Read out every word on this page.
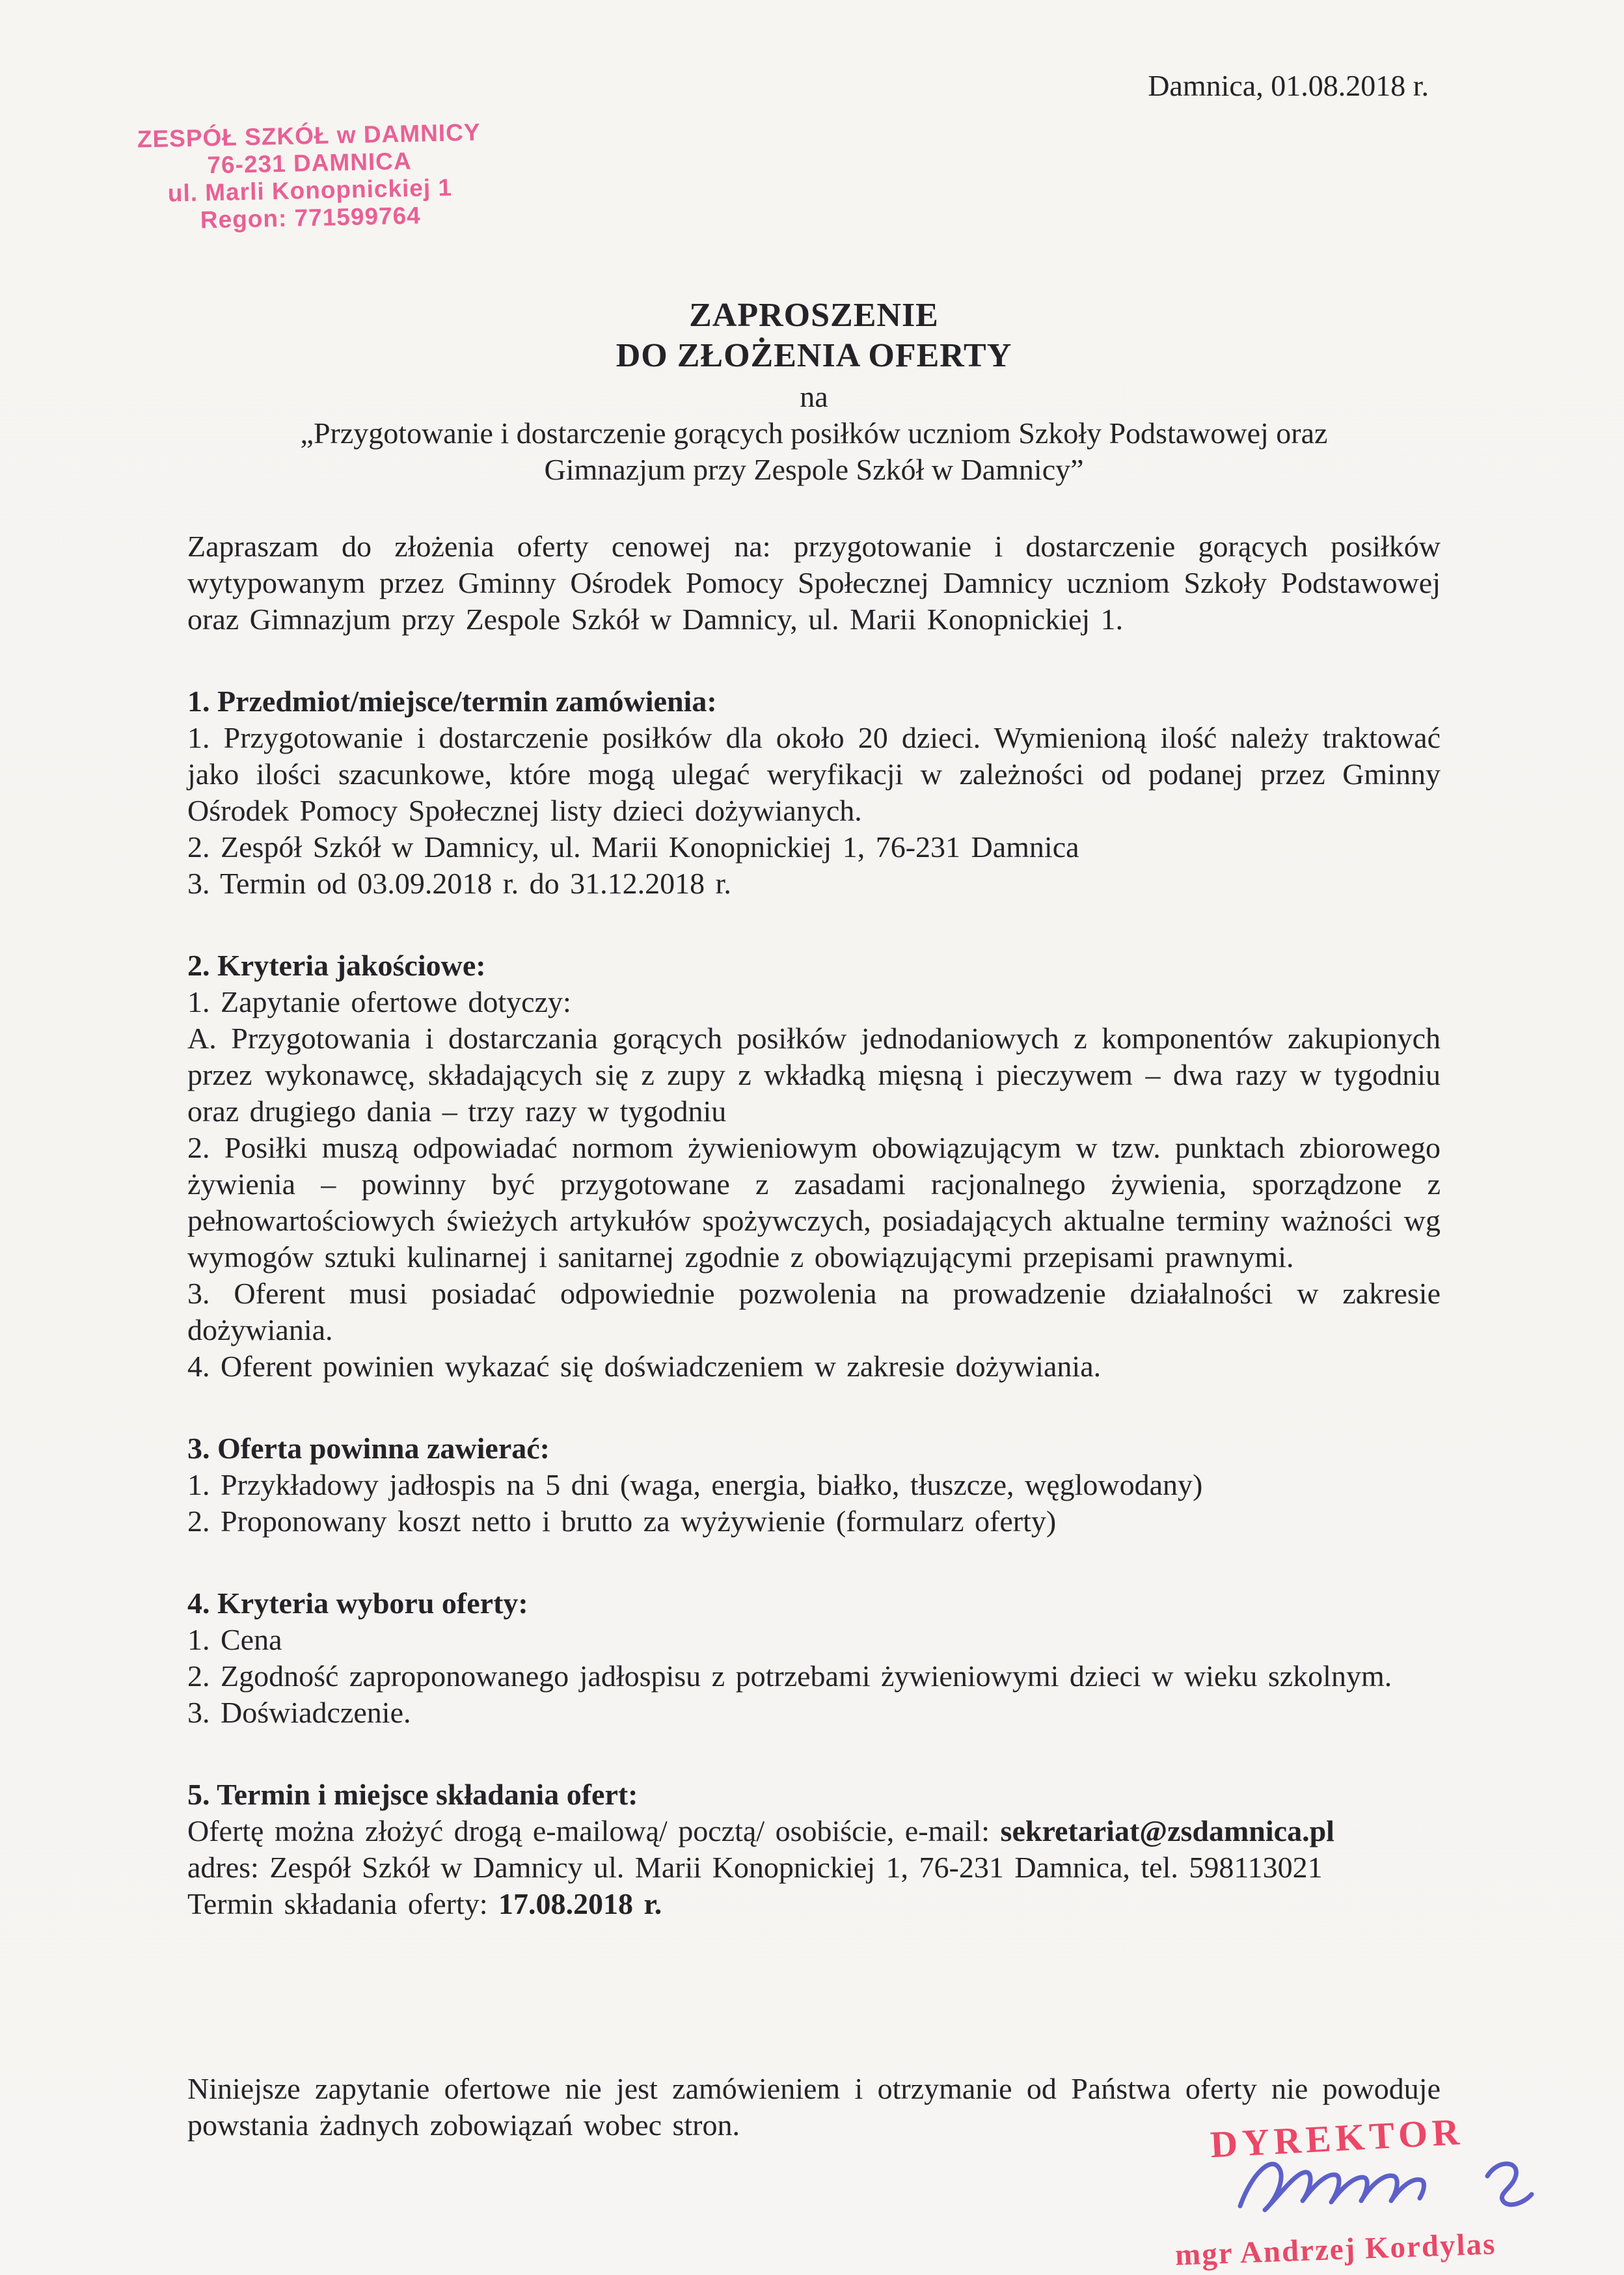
ZESPÓŁ SZKÓŁ w DAMNICY
76-231 DAMNICA
ul. Marli Konopnickiej 1
Regon: 771599764
Damnica, 01.08.2018 r.
ZAPROSZENIE
DO ZŁOŻENIA OFERTY
na
„Przygotowanie i dostarczenie gorących posiłków uczniom Szkoły Podstawowej oraz Gimnazjum przy Zespole Szkół w Damnicy”

Zapraszam do złożenia oferty cenowej na: przygotowanie i dostarczenie gorących posiłków wytypowanym przez Gminny Ośrodek Pomocy Społecznej Damnicy uczniom Szkoły Podstawowej oraz Gimnazjum przy Zespole Szkół w Damnicy, ul. Marii Konopnickiej 1.

1. Przedmiot/miejsce/termin zamówienia:

1. Przygotowanie i dostarczenie posiłków dla około 20 dzieci. Wymienioną ilość należy traktować jako ilości szacunkowe, które mogą ulegać weryfikacji w zależności od podanej przez Gminny Ośrodek Pomocy Społecznej listy dzieci dożywianych.

2. Zespół Szkół w Damnicy, ul. Marii Konopnickiej 1, 76-231 Damnica

3. Termin od 03.09.2018 r. do 31.12.2018 r.

2. Kryteria jakościowe:

1. Zapytanie ofertowe dotyczy:

A. Przygotowania i dostarczania gorących posiłków jednodaniowych z komponentów zakupionych przez wykonawcę, składających się z zupy z wkładką mięsną i pieczywem – dwa razy w tygodniu oraz drugiego dania – trzy razy w tygodniu

2. Posiłki muszą odpowiadać normom żywieniowym obowiązującym w tzw. punktach zbiorowego żywienia – powinny być przygotowane z zasadami racjonalnego żywienia, sporządzone z pełnowartościowych świeżych artykułów spożywczych, posiadających aktualne terminy ważności wg wymogów sztuki kulinarnej i sanitarnej zgodnie z obowiązującymi przepisami prawnymi.

3. Oferent musi posiadać odpowiednie pozwolenia na prowadzenie działalności w zakresie dożywiania.

4. Oferent powinien wykazać się doświadczeniem w zakresie dożywiania.

3. Oferta powinna zawierać:

1. Przykładowy jadłospis na 5 dni (waga, energia, białko, tłuszcze, węglowodany)

2. Proponowany koszt netto i brutto za wyżywienie (formularz oferty)

4. Kryteria wyboru oferty:

1. Cena

2. Zgodność zaproponowanego jadłospisu z potrzebami żywieniowymi dzieci w wieku szkolnym.

3. Doświadczenie.

5. Termin i miejsce składania ofert:

Ofertę można złożyć drogą e-mailową/ pocztą/ osobiście, e-mail: sekretariat@zsdamnica.pl

adres: Zespół Szkół w Damnicy ul. Marii Konopnickiej 1, 76-231 Damnica, tel. 598113021

Termin składania oferty: 17.08.2018 r.

Niniejsze zapytanie ofertowe nie jest zamówieniem i otrzymanie od Państwa oferty nie powoduje powstania żadnych zobowiązań wobec stron.	DYREKTOR
mgr Andrzej Kordylas
